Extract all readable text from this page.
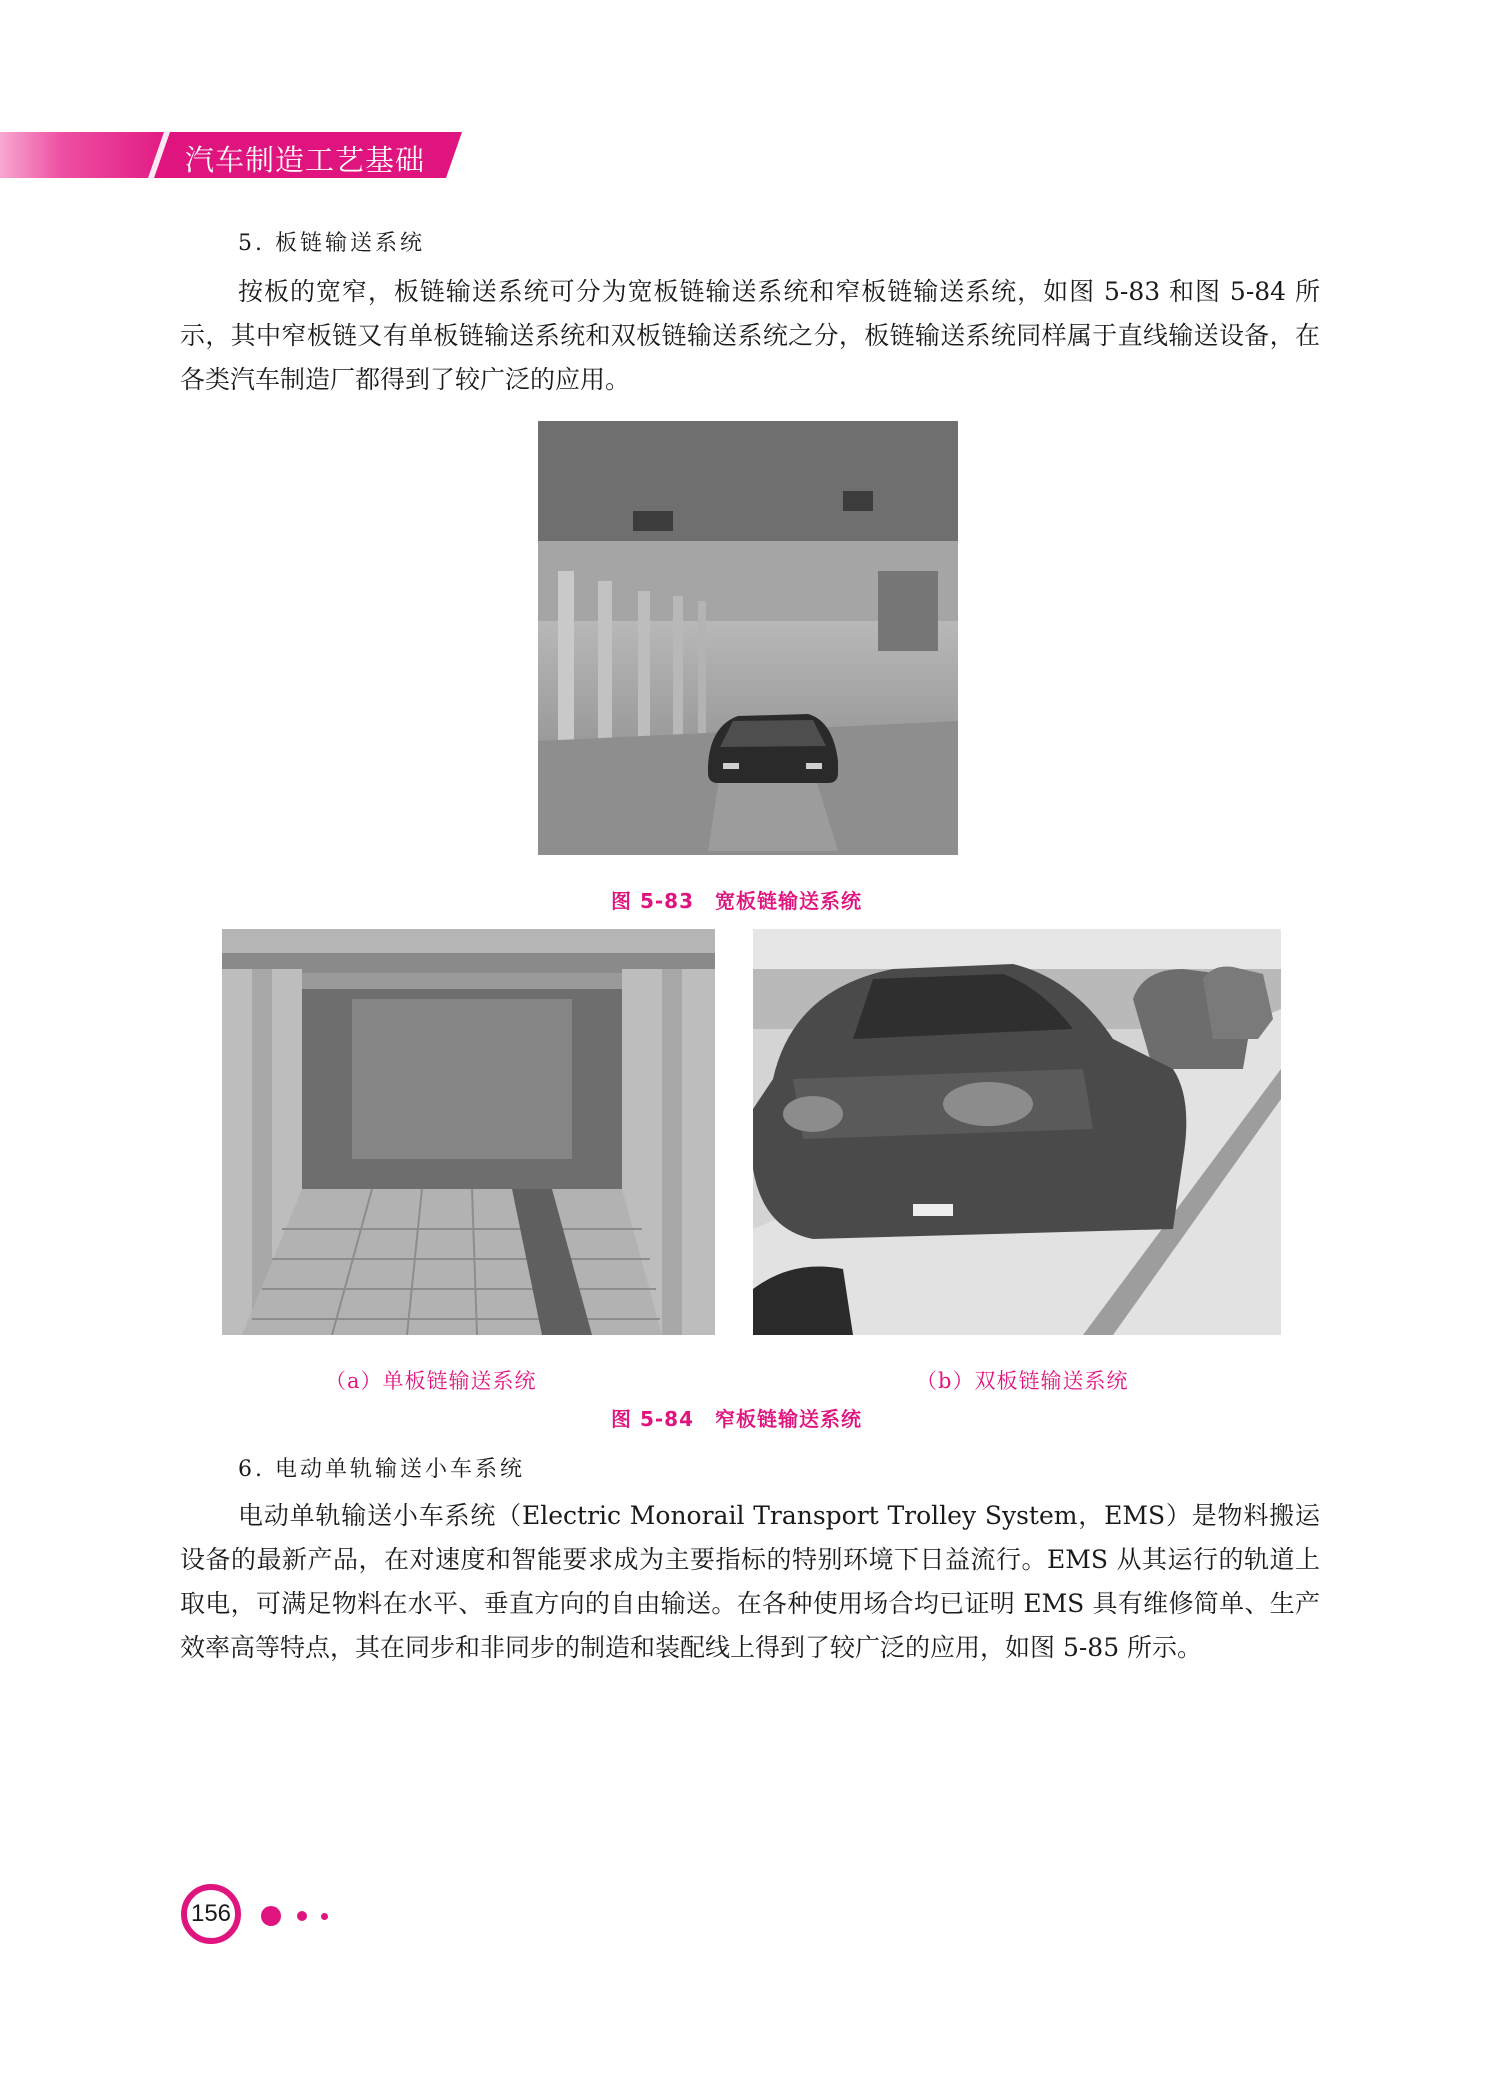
汽车制造工艺基础
5. 板链输送系统

按板的宽窄，板链输送系统可分为宽板链输送系统和窄板链输送系统，如图 5-83 和图 5-84 所示，其中窄板链又有单板链输送系统和双板链输送系统之分，板链输送系统同样属于直线输送设备，在各类汽车制造厂都得到了较广泛的应用。

图 5-83　宽板链输送系统
（a）单板链输送系统	（b）双板链输送系统
图 5-84　窄板链输送系统
6. 电动单轨输送小车系统

电动单轨输送小车系统（Electric Monorail Transport Trolley System，EMS）是物料搬运设备的最新产品，在对速度和智能要求成为主要指标的特别环境下日益流行。EMS 从其运行的轨道上取电，可满足物料在水平、垂直方向的自由输送。在各种使用场合均已证明 EMS 具有维修简单、生产效率高等特点，其在同步和非同步的制造和装配线上得到了较广泛的应用，如图 5-85 所示。

156
